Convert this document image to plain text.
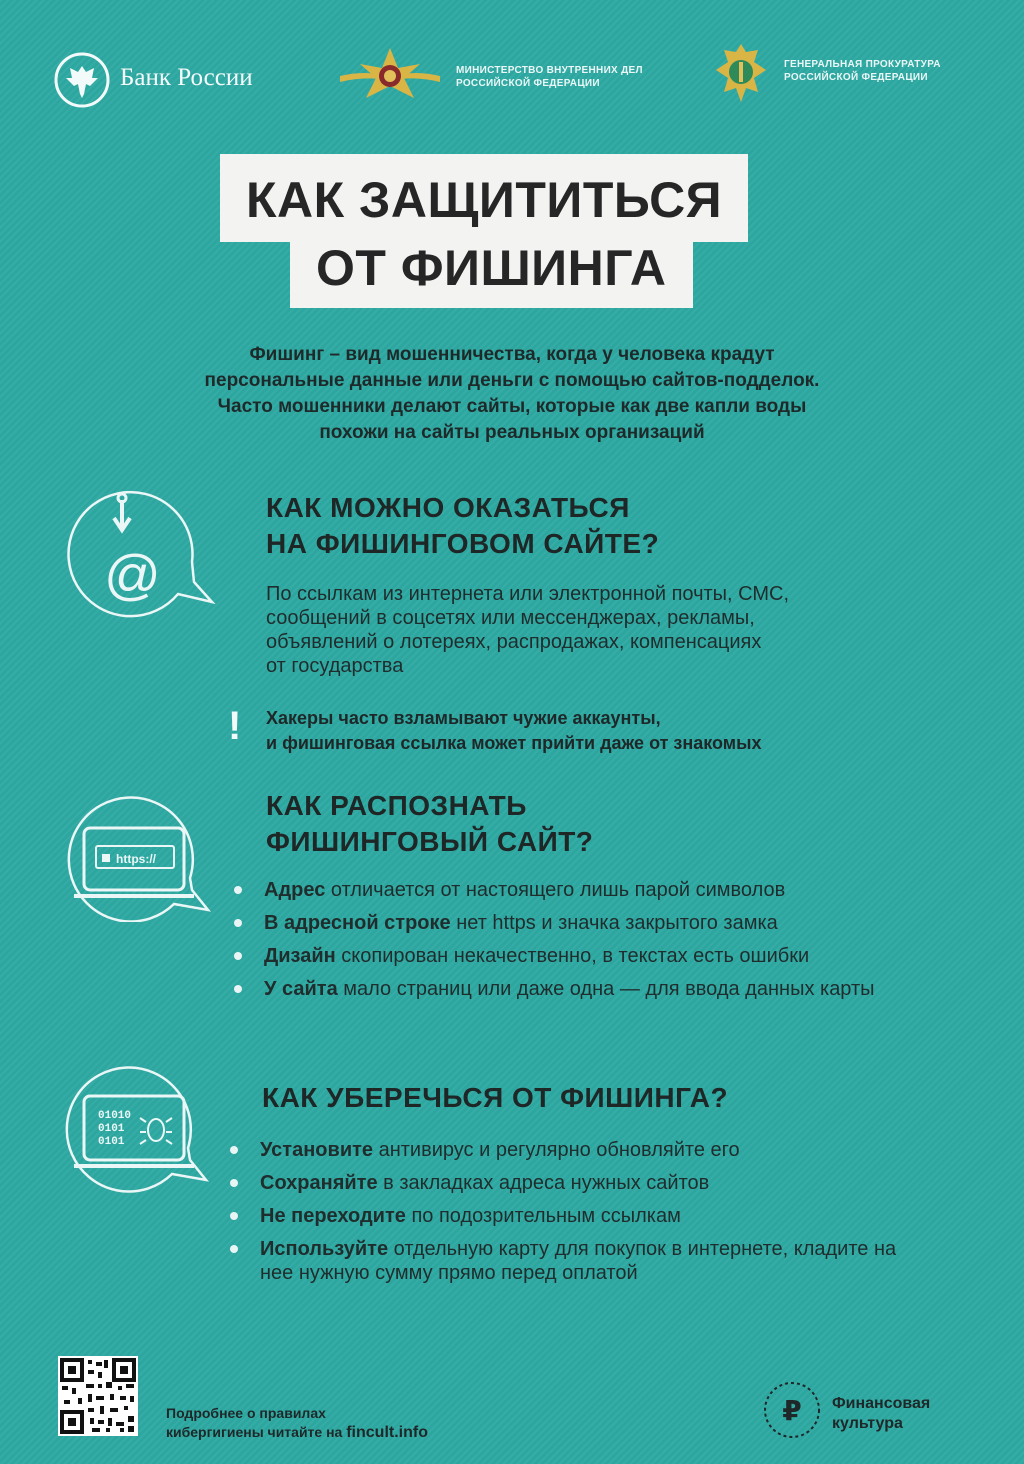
Банк России	МИНИСТЕРСТВО ВНУТРЕННИХ ДЕЛ
РОССИЙСКОЙ ФЕДЕРАЦИИ
ГЕНЕРАЛЬНАЯ ПРОКУРАТУРА
РОССИЙСКОЙ ФЕДЕРАЦИИ
КАК ЗАЩИТИТЬСЯ
ОТ ФИШИНГА
Фишинг – вид мошенничества, когда у человека крадут
персональные данные или деньги с помощью сайтов-подделок.
Часто мошенники делают сайты, которые как две капли воды
похожи на сайты реальных организаций
@
КАК МОЖНО ОКАЗАТЬСЯ
НА ФИШИНГОВОМ САЙТЕ?
По ссылкам из интернета или электронной почты, СМС,
сообщений в соцсетях или мессенджерах, рекламы,
объявлений о лотереях, распродажах, компенсациях
от государства
! Хакеры часто взламывают чужие аккаунты,
и фишинговая ссылка может прийти даже от знакомых
https://
КАК РАСПОЗНАТЬ
ФИШИНГОВЫЙ САЙТ?
Адрес отличается от настоящего лишь парой символов
В адресной строке нет https и значка закрытого замка
Дизайн скопирован некачественно, в текстах есть ошибки
У сайта мало страниц или даже одна — для ввода данных карты
01010
0101
0101
КАК УБЕРЕЧЬСЯ ОТ ФИШИНГА?
Установите антивирус и регулярно обновляйте его
Сохраняйте в закладках адреса нужных сайтов
Не переходите по подозрительным ссылкам
Используйте отдельную карту для покупок в интернете, кладите на нее нужную сумму прямо перед оплатой
Подробнее о правилах
кибергигиены читайте на fincult.info
₽ Финансовая
культура
